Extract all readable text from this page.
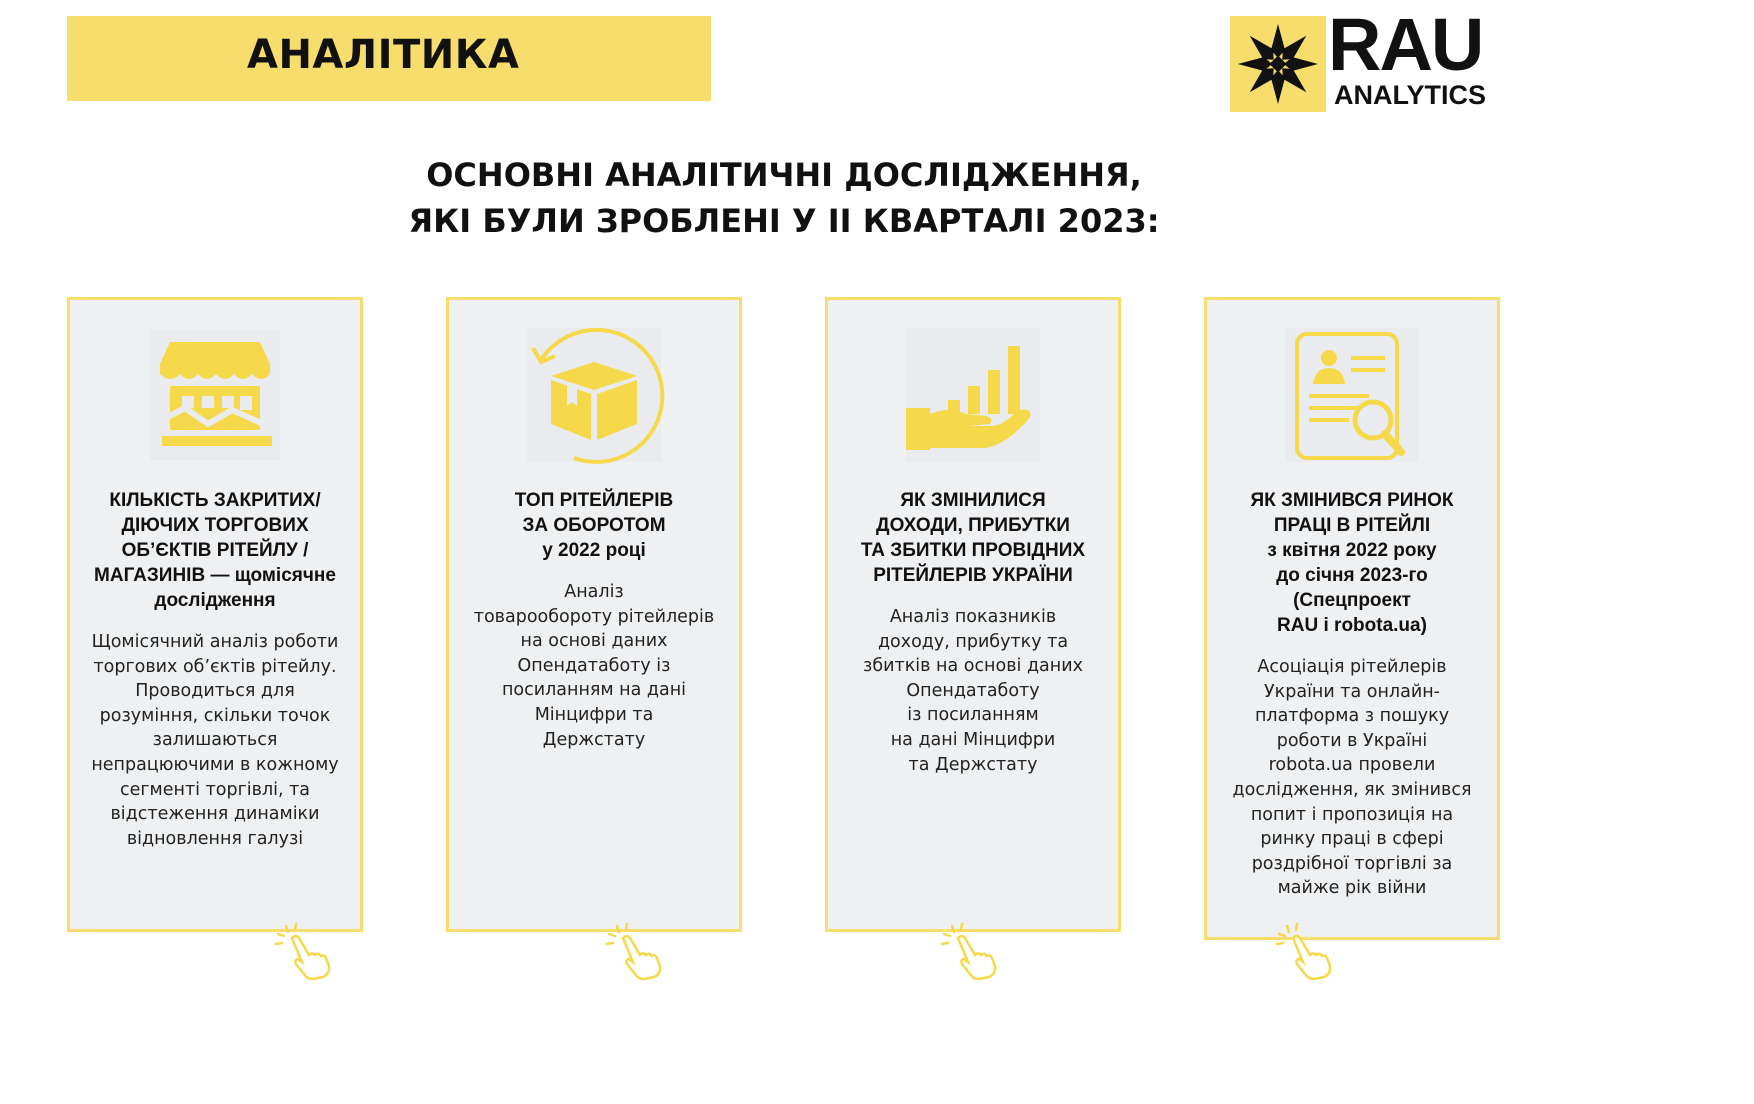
АНАЛІТИКА	RAU
ANALYTICS
ОСНОВНІ АНАЛІТИЧНІ ДОСЛІДЖЕННЯ,
ЯКІ БУЛИ ЗРОБЛЕНІ У ІІ КВАРТАЛІ 2023:
КІЛЬКІСТЬ ЗАКРИТИХ/
ДІЮЧИХ ТОРГОВИХ
ОБ’ЄКТІВ РІТЕЙЛУ /
МАГАЗИНІВ — щомісячне
дослідження
Щомісячний аналіз роботи
торгових об’єктів рітейлу.
Проводиться для
розуміння, скільки точок
залишаються
непрацюючими в кожному
сегменті торгівлі, та
відстеження динаміки
відновлення галузі
ТОП РІТЕЙЛЕРІВ
ЗА ОБОРОТОМ
у 2022 році
Аналіз
товарообороту рітейлерів
на основі даних
Опендатаботу із
посиланням на дані
Мінцифри та
Держстату
ЯК ЗМІНИЛИСЯ
ДОХОДИ, ПРИБУТКИ
ТА ЗБИТКИ ПРОВІДНИХ
РІТЕЙЛЕРІВ УКРАЇНИ
Аналіз показників
доходу, прибутку та
збитків на основі даних
Опендатаботу
із посиланням
на дані Мінцифри
та Держстату
ЯК ЗМІНИВСЯ РИНОК
ПРАЦІ В РІТЕЙЛІ
з квітня 2022 року
до січня 2023-го
(Спецпроект
RAU і robota.ua)
Асоціація рітейлерів
України та онлайн-
платформа з пошуку
роботи в Україні
robota.ua провели
дослідження, як змінився
попит і пропозиція на
ринку праці в сфері
роздрібної торгівлі за
майже рік війни
